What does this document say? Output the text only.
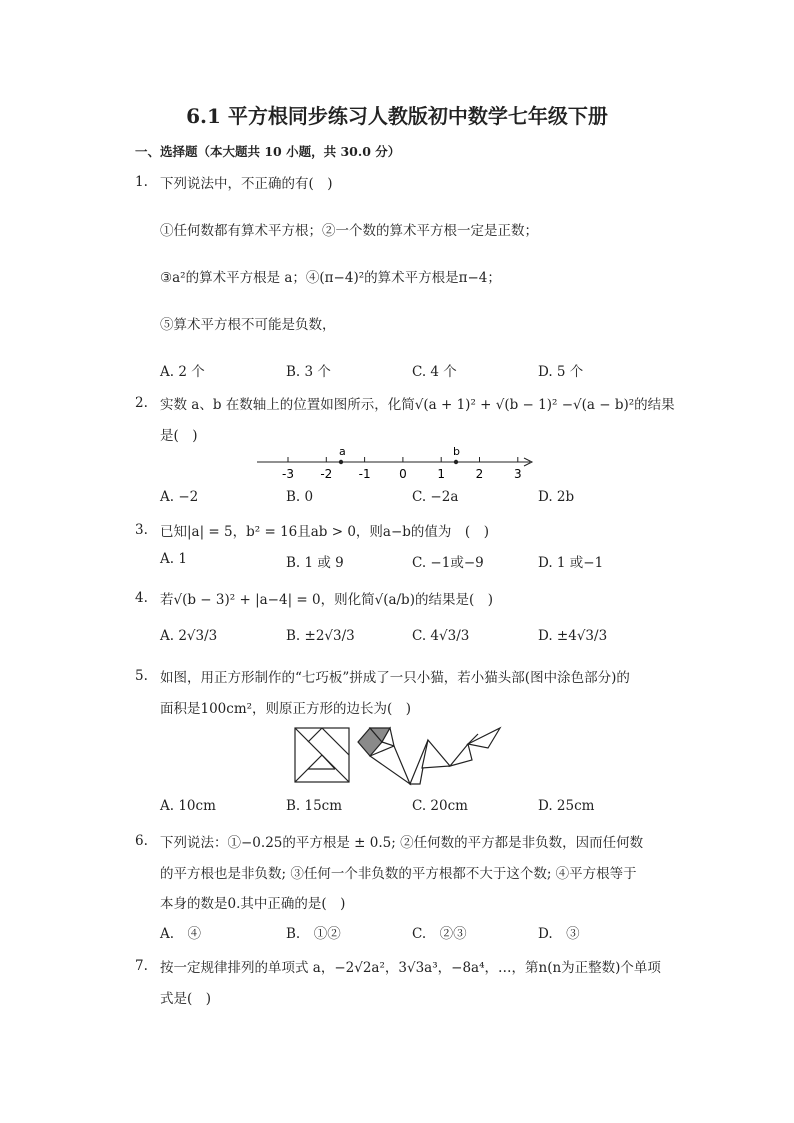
6.1 平方根同步练习人教版初中数学七年级下册
一、选择题（本大题共 10 小题，共 30.0 分）
1. 下列说法中，不正确的有(　)
①任何数都有算术平方根；②一个数的算术平方根一定是正数；
③a²的算术平方根是 a；④(π−4)²的算术平方根是π−4；
⑤算术平方根不可能是负数，
A. 2 个	B. 3 个	C. 4 个	D. 5 个
2. 实数 a、b 在数轴上的位置如图所示，化简√(a + 1)² + √(b − 1)² −√(a − b)²的结果
是(　)
-3 -2 -1 0	1	2	3
a	b
A. −2	B. 0	C. −2a	D. 2b
3. 已知|a| = 5，b² = 16且ab > 0，则a−b的值为　(　)
A. 1	B. 1 或 9	C. −1或−9	D. 1 或−1
4. 若√(b − 3)² + |a−4| = 0，则化简√(a/b)的结果是(　)
A. 2√3/3	B. ±2√3/3	C. 4√3/3	D. ±4√3/3
5. 如图，用正方形制作的“七巧板”拼成了一只小猫，若小猫头部(图中涂色部分)的
面积是100cm²，则原正方形的边长为(　)
A. 10cm	B. 15cm	C. 20cm	D. 25cm
6. 下列说法：①−0.25的平方根是 ± 0.5; ②任何数的平方都是非负数，因而任何数
的平方根也是非负数; ③任何一个非负数的平方根都不大于这个数; ④平方根等于
本身的数是0.其中正确的是(　)
A.　④	B.　①②	C.　②③	D.　③
7. 按一定规律排列的单项式 a，−2√2a²，3√3a³，−8a⁴，…，第n(n为正整数)个单项
式是(　)
